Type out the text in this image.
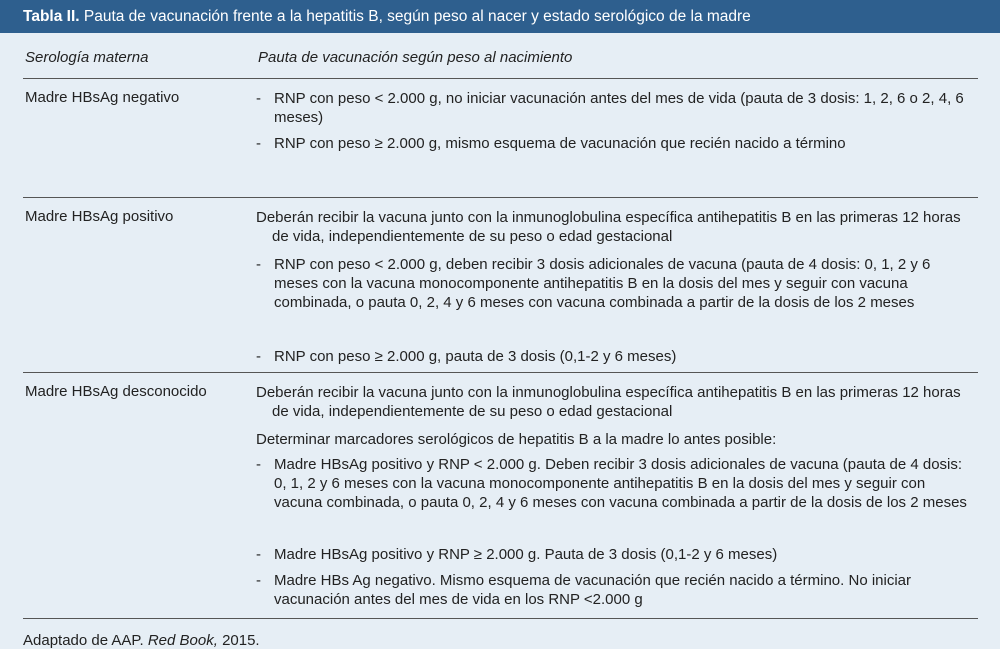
Tabla II. Pauta de vacunación frente a la hepatitis B, según peso al nacer y estado serológico de la madre
Serología materna	Pauta de vacunación según peso al nacimiento
Madre HBsAg negativo
-	RNP con peso < 2.000 g, no iniciar vacunación antes del mes de vida (pauta de 3 dosis: 1, 2, 6 o 2, 4, 6 meses)
- RNP con peso ≥ 2.000 g, mismo esquema de vacunación que recién nacido a término
Madre HBsAg positivo	Deberán recibir la vacuna junto con la inmunoglobulina específica antihepatitis B en las primeras 12 horas de vida, independientemente de su peso o edad gestacional
- RNP con peso < 2.000 g, deben recibir 3 dosis adicionales de vacuna (pauta de 4 dosis: 0, 1, 2 y 6 meses con la vacuna monocomponente antihepatitis B en la dosis del mes y seguir con vacuna combinada, o pauta 0, 2, 4 y 6 meses con vacuna combinada a partir de la dosis de los 2 meses
- RNP con peso ≥ 2.000 g, pauta de 3 dosis (0,1-2 y 6 meses)
Madre HBsAg desconocido	Deberán recibir la vacuna junto con la inmunoglobulina específica antihepatitis B en las primeras 12 horas de vida, independientemente de su peso o edad gestacional
Determinar marcadores serológicos de hepatitis B a la madre lo antes posible:
- Madre HBsAg positivo y RNP < 2.000 g. Deben recibir 3 dosis adicionales de vacuna (pauta de 4 dosis: 0, 1, 2 y 6 meses con la vacuna monocomponente antihepatitis B en la dosis del mes y seguir con vacuna combinada, o pauta 0, 2, 4 y 6 meses con vacuna combinada a partir de la dosis de los 2 meses
- Madre HBsAg positivo y RNP ≥ 2.000 g. Pauta de 3 dosis (0,1-2 y 6 meses)
- Madre HBs Ag negativo. Mismo esquema de vacunación que recién nacido a término. No iniciar vacunación antes del mes de vida en los RNP <2.000 g
Adaptado de AAP. Red Book, 2015.
